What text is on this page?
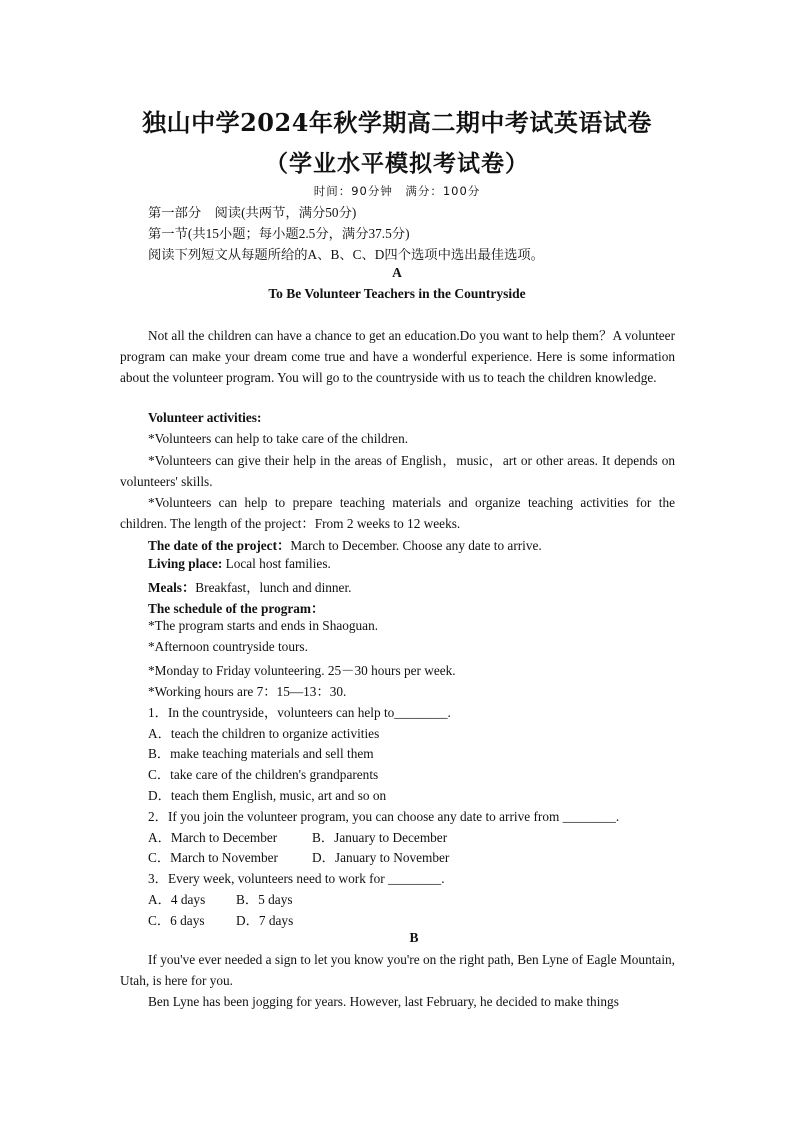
独山中学2024年秋学期高二期中考试英语试卷
（学业水平模拟考试卷）
时间：90分钟　满分：100分
第一部分　阅读(共两节，满分50分)
第一节(共15小题；每小题2.5分，满分37.5分)
阅读下列短文从每题所给的A、B、C、D四个选项中选出最佳选项。
A
To Be Volunteer Teachers in the Countryside
Not all the children can have a chance to get an education.Do you want to help them？A volunteer program can make your dream come true and have a wonderful experience. Here is some information about the volunteer program. You will go to the countryside with us to teach the children knowledge.
Volunteer activities:
*Volunteers can help to take care of the children.
*Volunteers can give their help in the areas of English，music，art or other areas. It depends on volunteers' skills.
*Volunteers can help to prepare teaching materials and organize teaching activities for the children. The length of the project：From 2 weeks to 12 weeks.
The date of the project：March to December. Choose any date to arrive.
Living place: Local host families.
Meals：Breakfast，lunch and dinner.
The schedule of the program：
*The program starts and ends in Shaoguan.
*Afternoon countryside tours.
*Monday to Friday volunteering. 25－30 hours per week.
*Working hours are 7：15—13：30.
1．In the countryside，volunteers can help to________.
A．teach the children to organize activities
B．make teaching materials and sell them
C．take care of the children's grandparents
D．teach them English, music, art and so on
2．If you join the volunteer program, you can choose any date to arrive from ________.
A．March to December	B．January to December
C．March to November	D．January to November
3．Every week, volunteers need to work for ________.
A．4 days B．5 days
C．6 days D．7 days
B
If you've ever needed a sign to let you know you're on the right path, Ben Lyne of Eagle Mountain, Utah, is here for you.
Ben Lyne has been jogging for years. However, last February, he decided to make things
